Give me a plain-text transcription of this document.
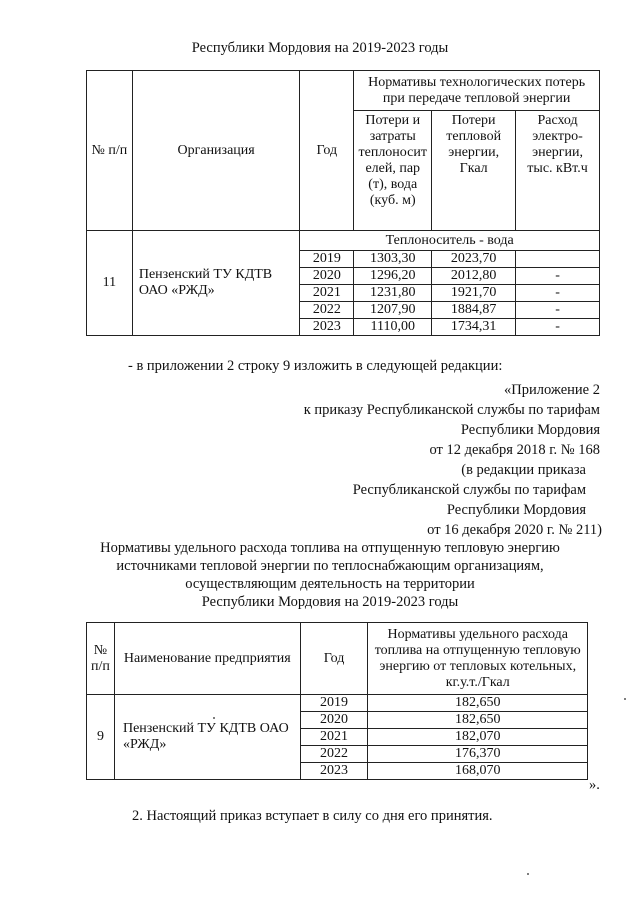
Республики Мордовия на 2019-2023 годы
№ п/п	Организация	Год	Нормативы технологических потерь при передаче тепловой энергии		
			Потери и затраты теплоносит елей, пар (т), вода (куб. м)	Потери тепловой энергии, Гкал	Расход электро-энергии, тыс. кВт.ч
11	Пензенский ТУ КДТВ ОАО «РЖД»	Теплоноситель - вода			
		2019	1303,30	2023,70	
		2020	1296,20	2012,80	-
		2021	1231,80	1921,70	-
		2022	1207,90	1884,87	-
		2023	1110,00	1734,31	-
- в приложении 2 строку 9 изложить в следующей редакции:
«Приложение 2
к приказу Республиканской службы по тарифам
Республики Мордовия
от 12 декабря 2018 г. № 168
(в редакции приказа
Республиканской службы по тарифам
Республики Мордовия
от 16 декабря 2020 г. № 211)
Нормативы удельного расхода топлива на отпущенную тепловую энергию
источниками тепловой энергии по теплоснабжающим организациям,
осуществляющим деятельность на территории
Республики Мордовия на 2019-2023 годы
№ п/п	Наименование предприятия	Год	Нормативы удельного расхода топлива на отпущенную тепловую энергию от тепловых котельных, кг.у.т./Гкал
9	Пензенский ТУ КДТВ ОАО «РЖД»	2019	182,650
		2020	182,650
		2021	182,070
		2022	176,370
		2023	168,070
».
2. Настоящий приказ вступает в силу со дня его принятия.
